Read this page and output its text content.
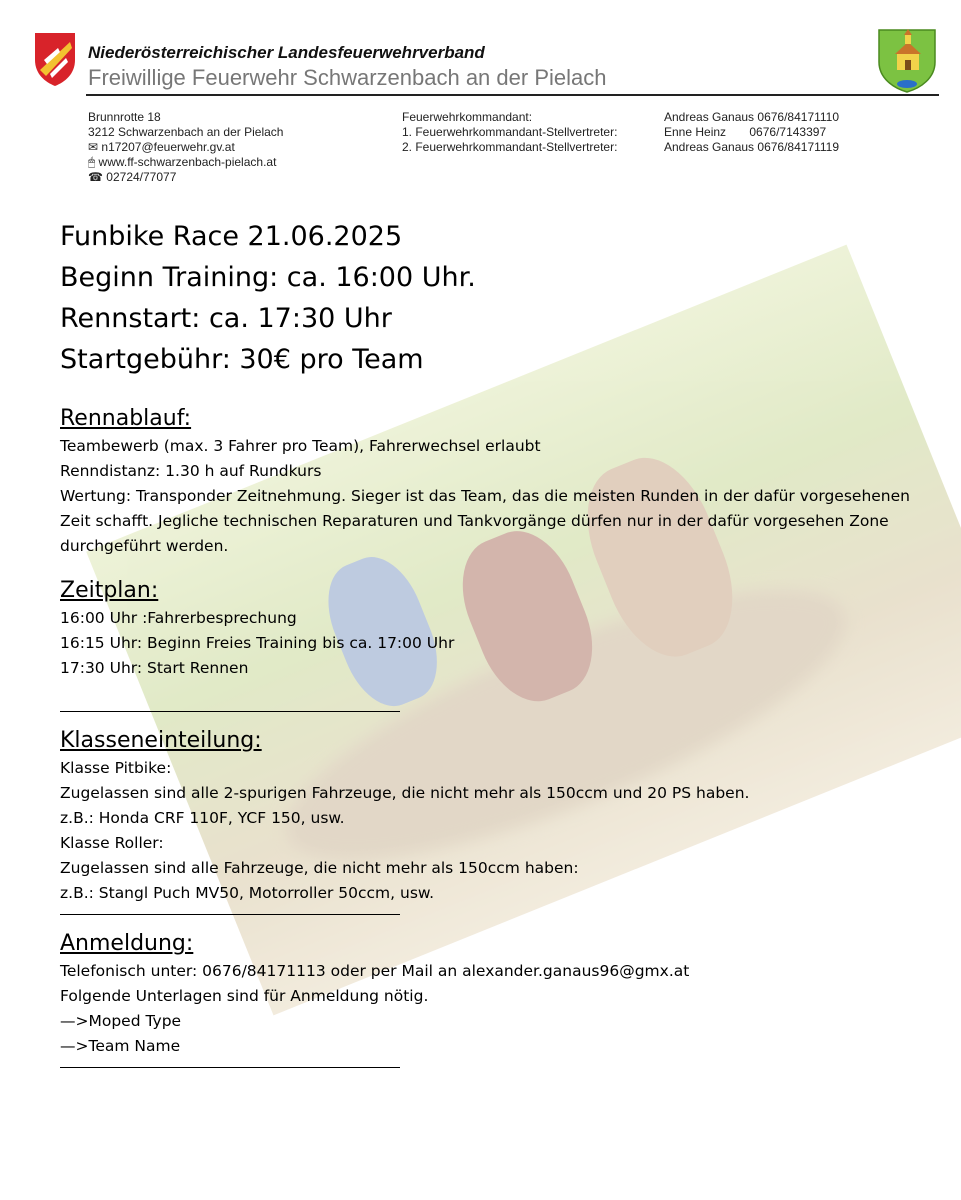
Niederösterreichischer Landesfeuerwehrverband
Freiwillige Feuerwehr Schwarzenbach an der Pielach
Brunnrotte 18
3212 Schwarzenbach an der Pielach
✉ n17207@feuerwehr.gv.at
🖱 www.ff-schwarzenbach-pielach.at
☎ 02724/77077
Feuerwehrkommandant:
1. Feuerwehrkommandant-Stellvertreter:
2. Feuerwehrkommandant-Stellvertreter:
Andreas Ganaus 0676/84171110
Enne Heinz       0676/7143397
Andreas Ganaus 0676/84171119
Funbike Race 21.06.2025
Beginn Training: ca. 16:00 Uhr.
Rennstart: ca. 17:30 Uhr
Startgebühr: 30€ pro Team
Rennablauf:

Teambewerb (max. 3 Fahrer pro Team), Fahrerwechsel erlaubt

Renndistanz: 1.30 h auf Rundkurs

Wertung: Transponder Zeitnehmung. Sieger ist das Team, das die meisten Runden in der dafür vorgesehenen Zeit schafft. Jegliche technischen Reparaturen und Tankvorgänge dürfen nur in der dafür vorgesehen Zone durchgeführt werden.

Zeitplan:

16:00 Uhr :Fahrerbesprechung

16:15 Uhr: Beginn Freies Training bis ca. 17:00 Uhr

17:30 Uhr: Start Rennen

Klasseneinteilung:

Klasse Pitbike:

Zugelassen sind alle 2-spurigen Fahrzeuge, die nicht mehr als 150ccm und 20 PS haben.

z.B.: Honda CRF 110F, YCF 150, usw.

Klasse Roller:

Zugelassen sind alle Fahrzeuge, die nicht mehr als 150ccm haben:

z.B.: Stangl Puch MV50, Motorroller 50ccm, usw.

Anmeldung:

Telefonisch unter: 0676/84171113 oder per Mail an alexander.ganaus96@gmx.at

Folgende Unterlagen sind für Anmeldung nötig.

—>Moped Type

—>Team Name
